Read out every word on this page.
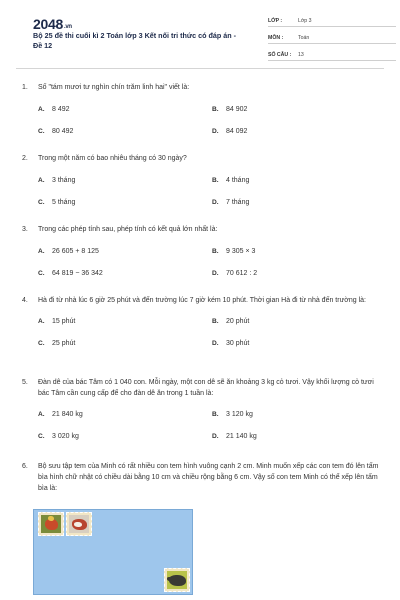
2048.vn
Bộ 25 đề thi cuối kì 2 Toán lớp 3 Kết nối tri thức có đáp án - Đề 12
LỚP :	Lớp 3
MÔN :	Toán
SỐ CÂU :	13
1.	Số "tám mươi tư nghìn chín trăm linh hai" viết là:
A.	8 492	B.	84 902
C.	80 492	D.	84 092
2.	Trong một năm có bao nhiêu tháng có 30 ngày?
A.	3 tháng	B.	4 tháng
C.	5 tháng	D.	7 tháng
3.	Trong các phép tính sau, phép tính có kết quả lớn nhất là:
A.	26 605 + 8 125	B.	9 305 × 3
C.	64 819 − 36 342	D.	70 612 : 2
4.	Hà đi từ nhà lúc 6 giờ 25 phút và đến trường lúc 7 giờ kém 10 phút. Thời gian Hà đi từ nhà đến trường là:
A.	15 phút	B.	20 phút
C.	25 phút	D.	30 phút
5.	Đàn dê của bác Tâm có 1 040 con. Mỗi ngày, một con dê sẽ ăn khoảng 3 kg cỏ tươi. Vậy khối lượng cỏ tươi bác Tâm cần cung cấp để cho đàn dê ăn trong 1 tuần là:
A.	21 840 kg	B.	3 120 kg
C.	3 020 kg	D.	21 140 kg
6.	Bộ sưu tập tem của Minh có rất nhiều con tem hình vuông cạnh 2 cm. Minh muốn xếp các con tem đó lên tấm bìa hình chữ nhật có chiều dài bằng 10 cm và chiều rộng bằng 6 cm. Vậy số con tem Minh có thể xếp lên tấm bìa là:
